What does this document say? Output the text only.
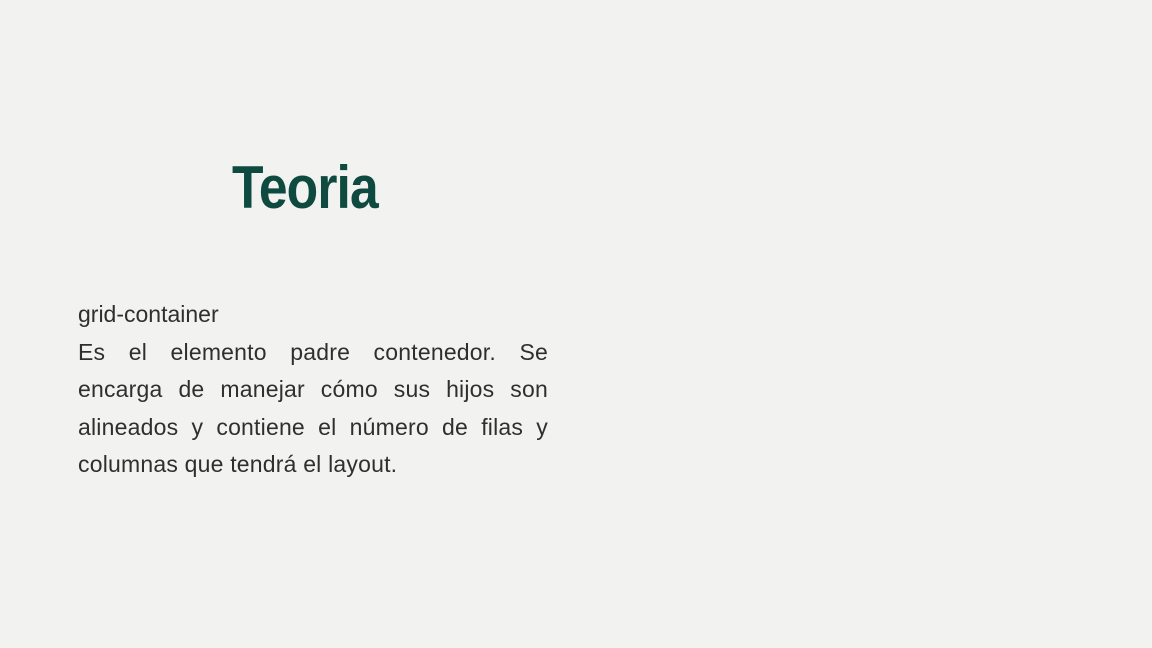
Teoria

grid-container

Es el elemento padre contenedor. Se encarga de manejar cómo sus hijos son alineados y contiene el número de filas y columnas que tendrá el layout.
